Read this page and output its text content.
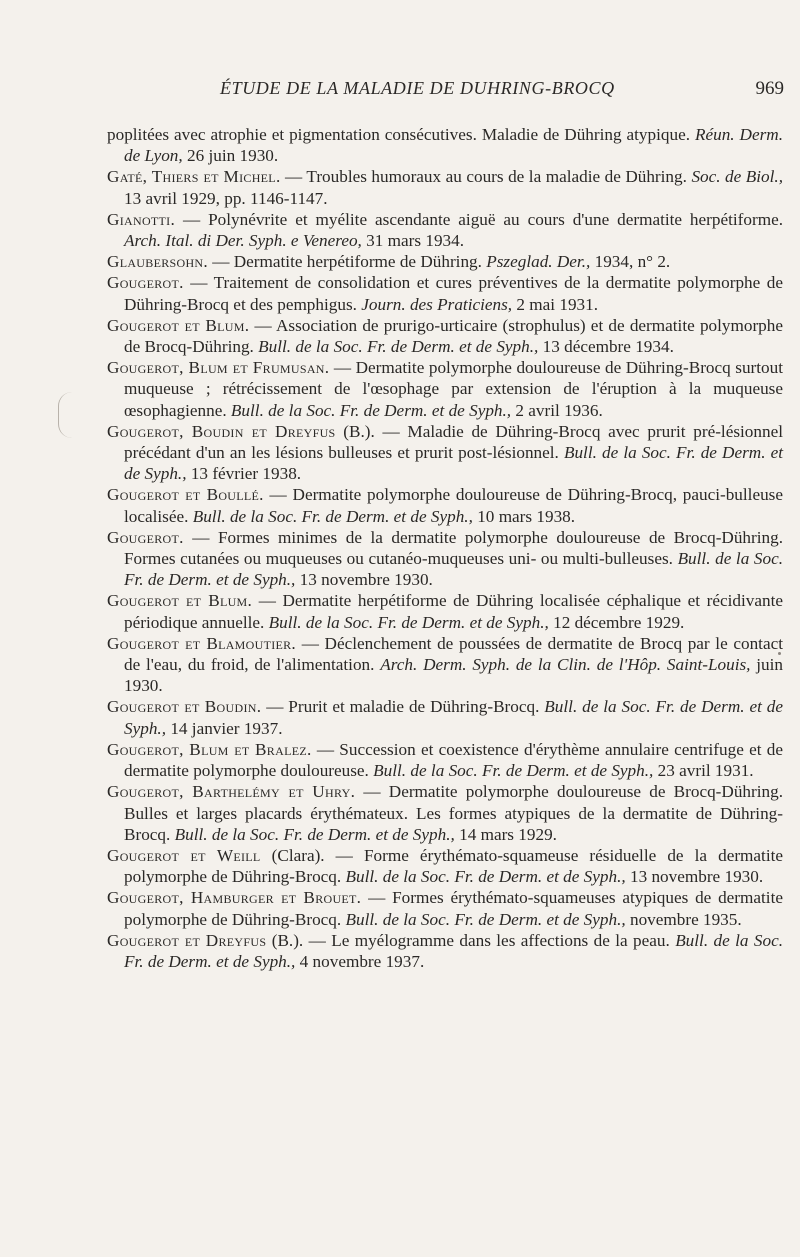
ÉTUDE DE LA MALADIE DE DUHRING-BROCQ	969

poplitées avec atrophie et pigmentation consécutives. Maladie de Dühring atypique. Réun. Derm. de Lyon, 26 juin 1930.

Gaté, Thiers et Michel. — Troubles humoraux au cours de la maladie de Dühring. Soc. de Biol., 13 avril 1929, pp. 1146-1147.

Gianotti. — Polynévrite et myélite ascendante aiguë au cours d'une dermatite herpétiforme. Arch. Ital. di Der. Syph. e Venereo, 31 mars 1934.

Glaubersohn. — Dermatite herpétiforme de Dühring. Pszeglad. Der., 1934, n° 2.

Gougerot. — Traitement de consolidation et cures préventives de la dermatite polymorphe de Dühring-Brocq et des pemphigus. Journ. des Praticiens, 2 mai 1931.

Gougerot et Blum. — Association de prurigo-urticaire (strophulus) et de dermatite polymorphe de Brocq-Dühring. Bull. de la Soc. Fr. de Derm. et de Syph., 13 décembre 1934.

Gougerot, Blum et Frumusan. — Dermatite polymorphe douloureuse de Dühring-Brocq surtout muqueuse ; rétrécissement de l'œsophage par extension de l'éruption à la muqueuse œsophagienne. Bull. de la Soc. Fr. de Derm. et de Syph., 2 avril 1936.

Gougerot, Boudin et Dreyfus (B.). — Maladie de Dühring-Brocq avec prurit pré-lésionnel précédant d'un an les lésions bulleuses et prurit post-lésionnel. Bull. de la Soc. Fr. de Derm. et de Syph., 13 février 1938.

Gougerot et Boullé. — Dermatite polymorphe douloureuse de Dühring-Brocq, pauci-bulleuse localisée. Bull. de la Soc. Fr. de Derm. et de Syph., 10 mars 1938.

Gougerot. — Formes minimes de la dermatite polymorphe douloureuse de Brocq-Dühring. Formes cutanées ou muqueuses ou cutanéo-muqueuses uni- ou multi-bulleuses. Bull. de la Soc. Fr. de Derm. et de Syph., 13 novembre 1930.

Gougerot et Blum. — Dermatite herpétiforme de Dühring localisée céphalique et récidivante périodique annuelle. Bull. de la Soc. Fr. de Derm. et de Syph., 12 décembre 1929.

Gougerot et Blamoutier. — Déclenchement de poussées de dermatite de Brocq par le contact de l'eau, du froid, de l'alimentation. Arch. Derm. Syph. de la Clin. de l'Hôp. Saint-Louis, juin 1930.

Gougerot et Boudin. — Prurit et maladie de Dühring-Brocq. Bull. de la Soc. Fr. de Derm. et de Syph., 14 janvier 1937.

Gougerot, Blum et Bralez. — Succession et coexistence d'érythème annulaire centrifuge et de dermatite polymorphe douloureuse. Bull. de la Soc. Fr. de Derm. et de Syph., 23 avril 1931.

Gougerot, Barthelémy et Uhry. — Dermatite polymorphe douloureuse de Brocq-Dühring. Bulles et larges placards érythémateux. Les formes atypiques de la dermatite de Dühring-Brocq. Bull. de la Soc. Fr. de Derm. et de Syph., 14 mars 1929.

Gougerot et Weill (Clara). — Forme érythémato-squameuse résiduelle de la dermatite polymorphe de Dühring-Brocq. Bull. de la Soc. Fr. de Derm. et de Syph., 13 novembre 1930.

Gougerot, Hamburger et Brouet. — Formes érythémato-squameuses atypiques de dermatite polymorphe de Dühring-Brocq. Bull. de la Soc. Fr. de Derm. et de Syph., novembre 1935.

Gougerot et Dreyfus (B.). — Le myélogramme dans les affections de la peau. Bull. de la Soc. Fr. de Derm. et de Syph., 4 novembre 1937.
